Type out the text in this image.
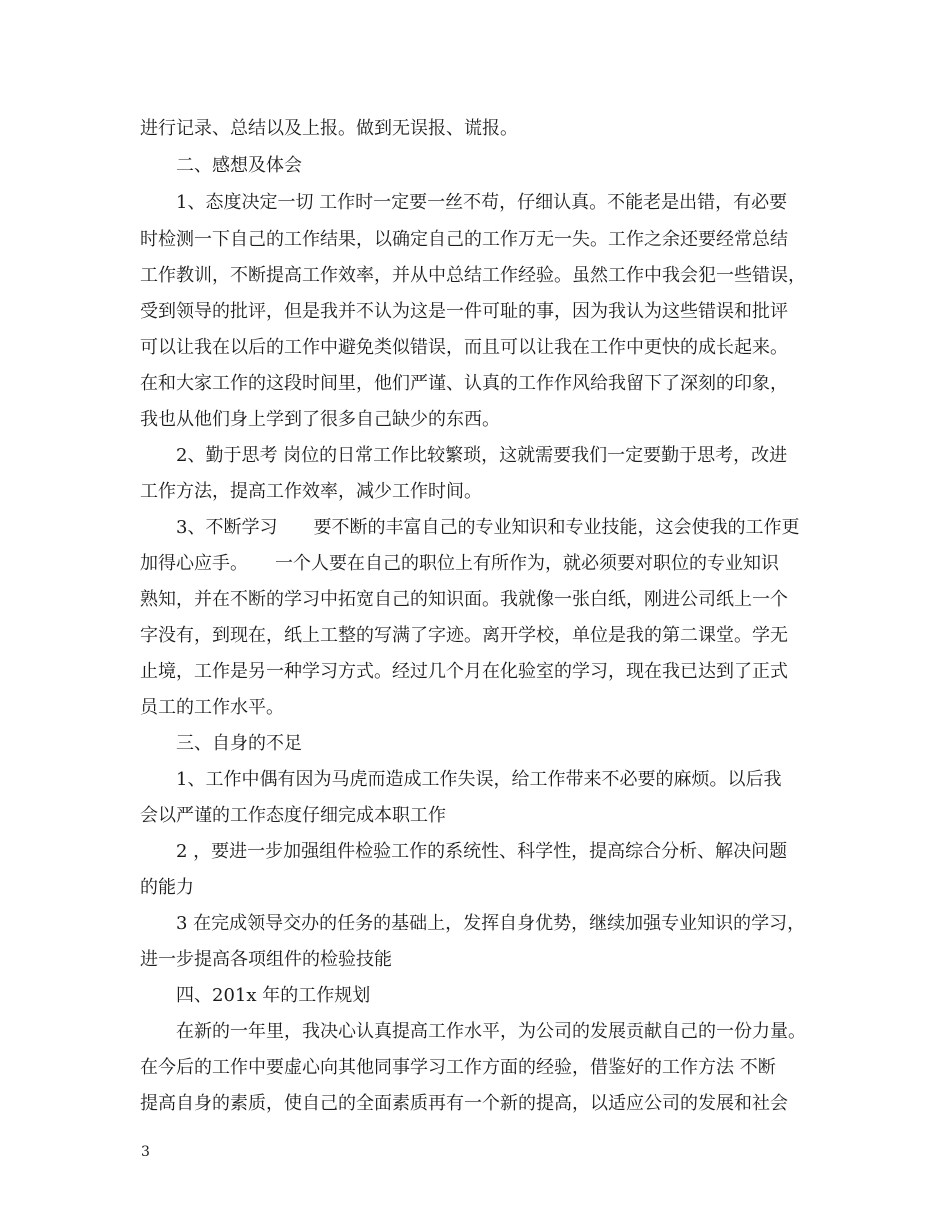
进行记录、总结以及上报。做到无误报、谎报。
二、感想及体会
1、态度决定一切 工作时一定要一丝不苟，仔细认真。不能老是出错，有必要
时检测一下自己的工作结果，以确定自己的工作万无一失。工作之余还要经常总结
工作教训，不断提高工作效率，并从中总结工作经验。虽然工作中我会犯一些错误，
受到领导的批评，但是我并不认为这是一件可耻的事，因为我认为这些错误和批评
可以让我在以后的工作中避免类似错误，而且可以让我在工作中更快的成长起来。
在和大家工作的这段时间里，他们严谨、认真的工作作风给我留下了深刻的印象，
我也从他们身上学到了很多自己缺少的东西。
2、勤于思考 岗位的日常工作比较繁琐，这就需要我们一定要勤于思考，改进
工作方法，提高工作效率，减少工作时间。
3、不断学习　　要不断的丰富自己的专业知识和专业技能，这会使我的工作更
加得心应手。　　一个人要在自己的职位上有所作为，就必须要对职位的专业知识
熟知，并在不断的学习中拓宽自己的知识面。我就像一张白纸，刚进公司纸上一个
字没有，到现在，纸上工整的写满了字迹。离开学校，单位是我的第二课堂。学无
止境，工作是另一种学习方式。经过几个月在化验室的学习，现在我已达到了正式
员工的工作水平。
三、自身的不足
1、工作中偶有因为马虎而造成工作失误，给工作带来不必要的麻烦。以后我
会以严谨的工作态度仔细完成本职工作
2 ，要进一步加强组件检验工作的系统性、科学性，提高综合分析、解决问题
的能力
3 在完成领导交办的任务的基础上，发挥自身优势，继续加强专业知识的学习，
进一步提高各项组件的检验技能
四、201x 年的工作规划
在新的一年里，我决心认真提高工作水平，为公司的发展贡献自己的一份力量。
在今后的工作中要虚心向其他同事学习工作方面的经验，借鉴好的工作方法 不断
提高自身的素质，使自己的全面素质再有一个新的提高，以适应公司的发展和社会
3
